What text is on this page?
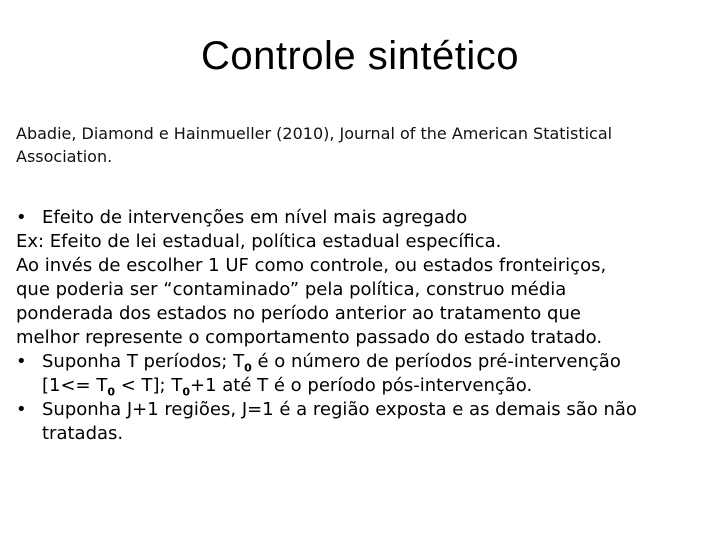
Controle sintético
Abadie, Diamond e Hainmueller (2010), Journal of the American Statistical
Association.
• Efeito de intervenções em nível mais agregado
Ex: Efeito de lei estadual, política estadual específica.
Ao invés de escolher 1 UF como controle, ou estados fronteiriços,
que poderia ser “contaminado” pela política, construo média
ponderada dos estados no período anterior ao tratamento que
melhor represente o comportamento passado do estado tratado.
• Suponha T períodos; $T_0$ é o número de períodos pré-intervenção
$[1<= T_0 < T]$; $T_0+1$ até T é o período pós-intervenção.
• Suponha J+1 regiões, J=1 é a região exposta e as demais são não
tratadas.
